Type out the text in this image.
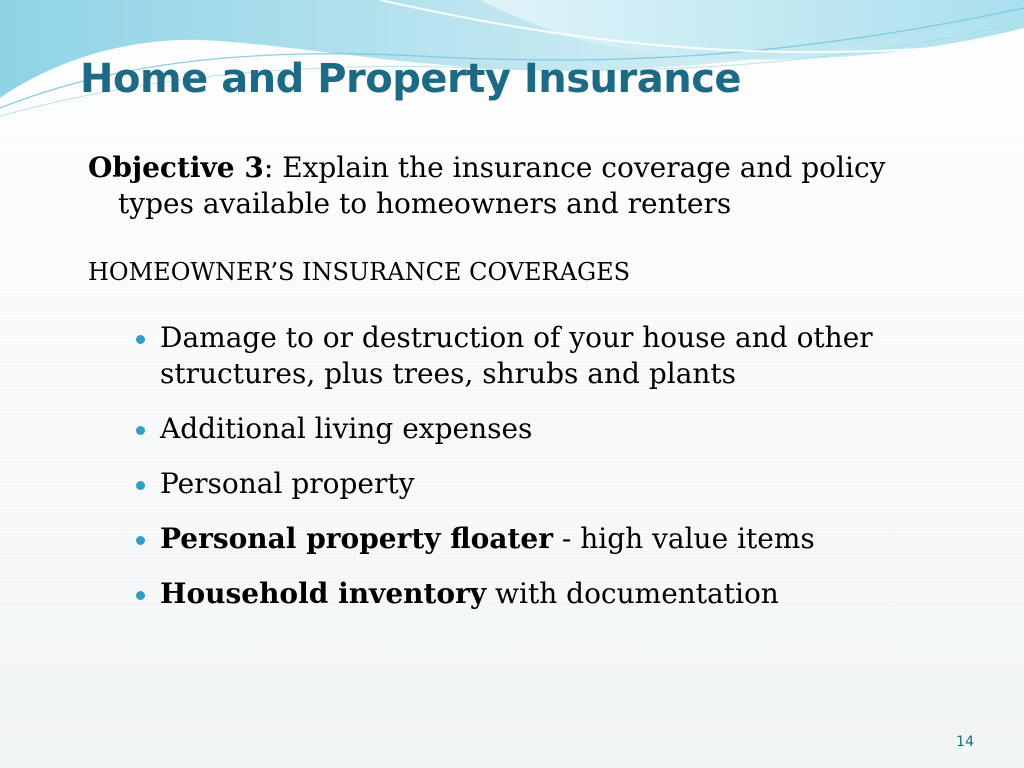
Home and Property Insurance

Objective 3: Explain the insurance coverage and policy types available to homeowners and renters

HOMEOWNER’S INSURANCE COVERAGES
Damage to or destruction of your house and other structures, plus trees, shrubs and plants
Additional living expenses
Personal property
Personal property floater - high value items
Household inventory with documentation
14
